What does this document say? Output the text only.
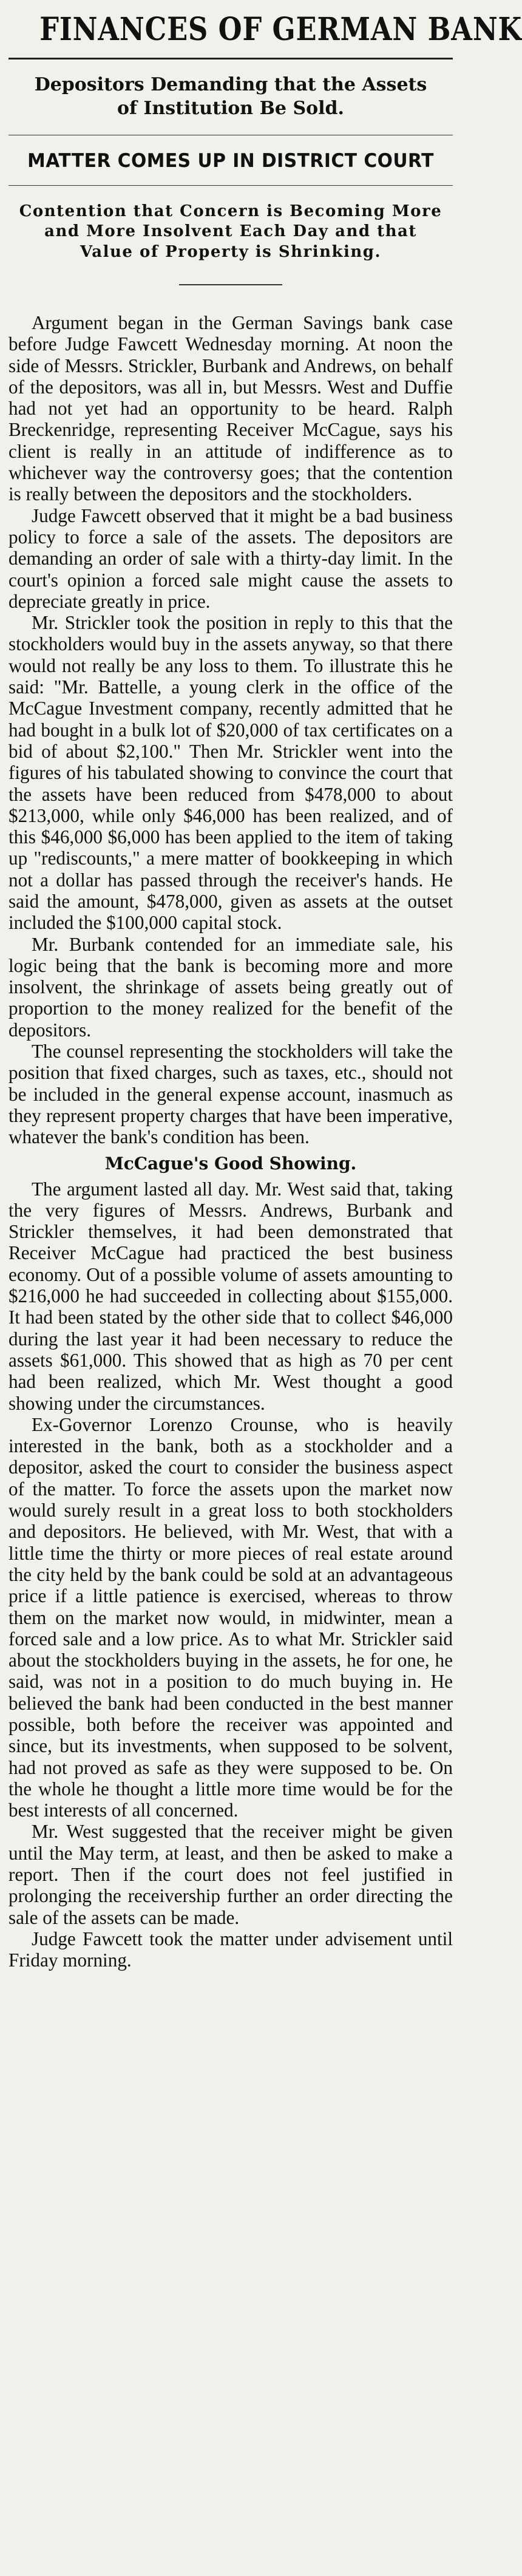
FINANCES OF GERMAN BANK
Depositors Demanding that the Assets of Institution Be Sold.
MATTER COMES UP IN DISTRICT COURT
Contention that Concern is Becoming More and More Insolvent Each Day and that Value of Property is Shrinking.

Argument began in the German Savings bank case before Judge Fawcett Wednesday morning. At noon the side of Messrs. Strickler, Burbank and Andrews, on behalf of the depositors, was all in, but Messrs. West and Duffie had not yet had an opportunity to be heard. Ralph Breckenridge, representing Receiver McCague, says his client is really in an attitude of indifference as to whichever way the controversy goes; that the contention is really between the depositors and the stockholders.

Judge Fawcett observed that it might be a bad business policy to force a sale of the assets. The depositors are demanding an order of sale with a thirty-day limit. In the court's opinion a forced sale might cause the assets to depreciate greatly in price.

Mr. Strickler took the position in reply to this that the stockholders would buy in the assets anyway, so that there would not really be any loss to them. To illustrate this he said: "Mr. Battelle, a young clerk in the office of the McCague Investment company, recently admitted that he had bought in a bulk lot of $20,000 of tax certificates on a bid of about $2,100." Then Mr. Strickler went into the figures of his tabulated showing to convince the court that the assets have been reduced from $478,000 to about $213,000, while only $46,000 has been realized, and of this $46,000 $6,000 has been applied to the item of taking up "rediscounts," a mere matter of bookkeeping in which not a dollar has passed through the receiver's hands. He said the amount, $478,000, given as assets at the outset included the $100,000 capital stock.

Mr. Burbank contended for an immediate sale, his logic being that the bank is becoming more and more insolvent, the shrinkage of assets being greatly out of proportion to the money realized for the benefit of the depositors.

The counsel representing the stockholders will take the position that fixed charges, such as taxes, etc., should not be included in the general expense account, inasmuch as they represent property charges that have been imperative, whatever the bank's condition has been.

McCague's Good Showing.

The argument lasted all day. Mr. West said that, taking the very figures of Messrs. Andrews, Burbank and Strickler themselves, it had been demonstrated that Receiver McCague had practiced the best business economy. Out of a possible volume of assets amounting to $216,000 he had succeeded in collecting about $155,000. It had been stated by the other side that to collect $46,000 during the last year it had been necessary to reduce the assets $61,000. This showed that as high as 70 per cent had been realized, which Mr. West thought a good showing under the circumstances.

Ex-Governor Lorenzo Crounse, who is heavily interested in the bank, both as a stockholder and a depositor, asked the court to consider the business aspect of the matter. To force the assets upon the market now would surely result in a great loss to both stockholders and depositors. He believed, with Mr. West, that with a little time the thirty or more pieces of real estate around the city held by the bank could be sold at an advantageous price if a little patience is exercised, whereas to throw them on the market now would, in midwinter, mean a forced sale and a low price. As to what Mr. Strickler said about the stockholders buying in the assets, he for one, he said, was not in a position to do much buying in. He believed the bank had been conducted in the best manner possible, both before the receiver was appointed and since, but its investments, when supposed to be solvent, had not proved as safe as they were supposed to be. On the whole he thought a little more time would be for the best interests of all concerned.

Mr. West suggested that the receiver might be given until the May term, at least, and then be asked to make a report. Then if the court does not feel justified in prolonging the receivership further an order directing the sale of the assets can be made.

Judge Fawcett took the matter under advisement until Friday morning.
